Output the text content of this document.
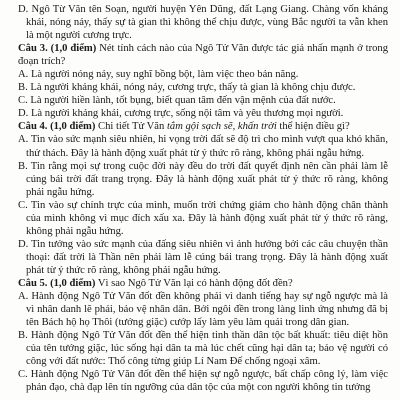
D. Ngô Từ Văn tên Soạn, người huyện Yên Dũng, đất Lạng Giang. Chàng vốn kháng khái, nóng nảy, thấy sự tà gian thì không thể chịu được, vùng Bắc người ta vẫn khen là một người cương trực.

Câu 3. (1,0 điểm) Nét tính cách nào của Ngô Tử Văn được tác giả nhấn mạnh ở trong đoạn trích?

A. Là người nóng nảy, suy nghĩ bồng bột, làm việc theo bản năng.

B. Là người khảng khái, nóng nảy, cương trực, thấy tà gian là không chịu được.

C. Là người hiền lành, tốt bụng, biết quan tâm đến vận mệnh của đất nước.

D. Là người khảng khái, cương trực, sống nội tâm và yêu thương mọi người.

Câu 4. (1,0 điểm) Chi tiết Tử Văn tắm gội sạch sẽ, khấn trời thể hiện điều gì?

A. Tin vào sức mạnh siêu nhiên, hi vọng trời đất sẽ độ trì cho mình vượt qua khó khăn, thử thách. Đây là hành động xuất phát từ ý thức rõ ràng, không phải ngẫu hứng.

B. Tin rằng mọi sự trong cuộc đời này đều do trời đất quyết định nên cần phải làm lễ cúng bái trời đất trang trọng. Đây là hành động xuất phát từ ý thức rõ ràng, không phải ngẫu hứng.

C. Tin vào sự chính trực của mình, muốn trời chứng giám cho hành động chân thành của mình không vì mục đích xấu xa. Đây là hành động xuất phát từ ý thức rõ ràng, không phải ngẫu hứng.

D. Tin tưởng vào sức mạnh của đấng siêu nhiên vì ảnh hưởng bởi các câu chuyện thần thoại: đất trời là Thần nên phải làm lễ cúng bái trang trọng. Đây là hành động xuất phát từ ý thức rõ ràng, không phải ngẫu hứng.

Câu 5. (1,0 điểm) Vì sao Ngô Tử Văn lại có hành động đốt đền?

A. Hành động Ngô Tử Văn đốt đền không phải vì danh tiếng hay sự ngỗ ngược mà là vì nhân danh lẽ phải, bảo vệ nhân dân. Bởi ngôi đền trong làng linh ứng nhưng đã bị tên Bách hộ họ Thôi (tướng giặc) cướp lấy làm yêu làm quái trong dân gian.

B. Hành động Ngô Tử Văn đốt đền thể hiện tinh thần dân tộc bất khuất: tiêu diệt hồn của tên tướng giặc, lúc sống hại dân ta mà lúc chết cũng hại dân ta; bảo vệ người có công với đất nước: Thổ công từng giúp Lí Nam Đế chống ngoại xâm.

C. Hành động Ngô Tử Văn đốt đền thể hiện sự ngỗ ngược, bất chấp công lý, làm việc phản đạo, chà đạp lên tín ngưỡng của dân tộc của một con người không tin tưởng
